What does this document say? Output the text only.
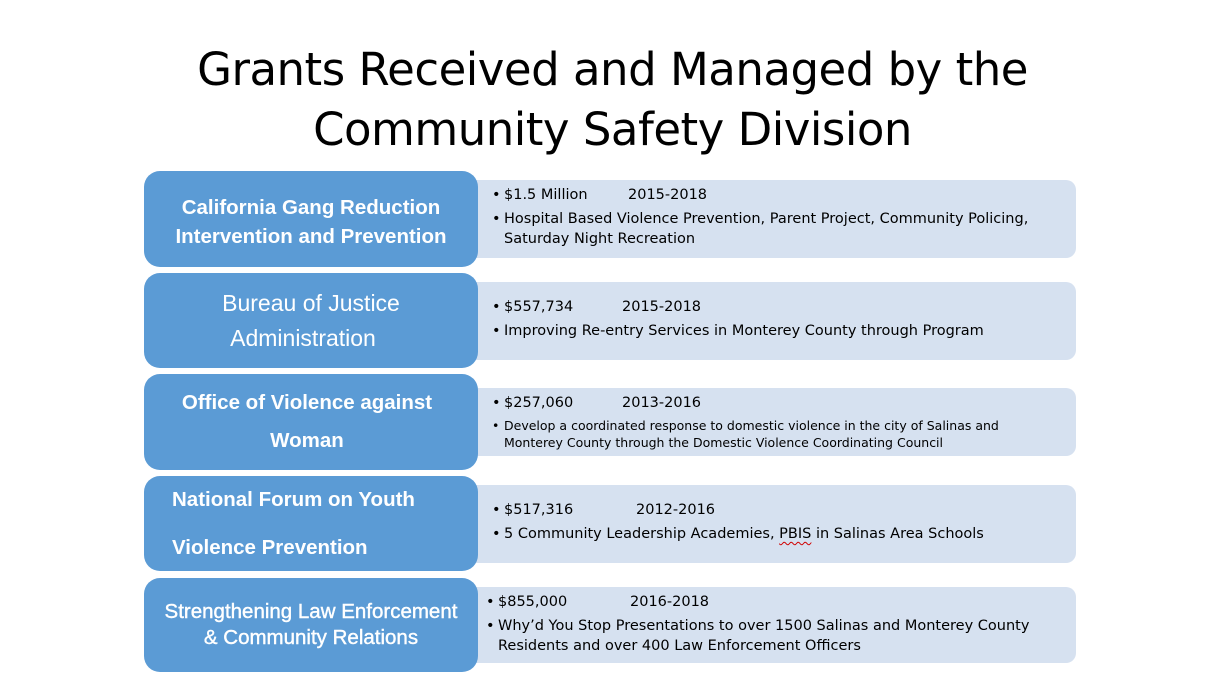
Grants Received and Managed by the
Community Safety Division
California Gang Reduction
Intervention and Prevention
• $1.5 Million	2015-2018
• Hospital Based Violence Prevention, Parent Project, Community Policing, Saturday Night Recreation
Bureau of Justice
Administration
• $557,734	2015-2018
• Improving Re-entry Services in Monterey County through Program
Office of Violence against
Woman
• $257,060	2013-2016
• Develop a coordinated response to domestic violence in the city of Salinas and Monterey County through the Domestic Violence Coordinating Council
National Forum on Youth
Violence Prevention
• $517,316	2012-2016
• 5 Community Leadership Academies, PBIS in Salinas Area Schools
Strengthening Law Enforcement
& Community Relations
• $855,000	2016-2018
• Why’d You Stop Presentations to over 1500 Salinas and Monterey County Residents and over 400 Law Enforcement Officers
